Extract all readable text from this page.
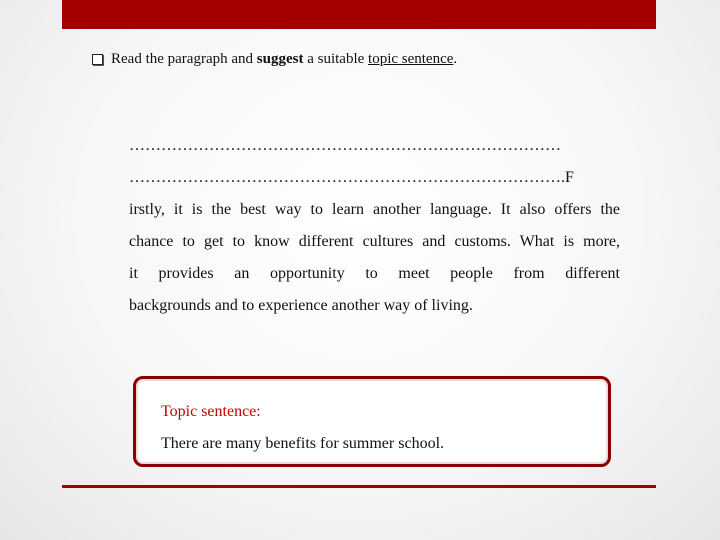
Read the paragraph and suggest a suitable topic sentence.
………………………………………………………………………
……………………………………………………………………….F
irstly, it is the best way to learn another language. It also offers the
chance to get to know different cultures and customs. What is more,
it provides an opportunity to meet people from different
backgrounds and to experience another way of living.
Topic sentence:
There are many benefits for summer school.
